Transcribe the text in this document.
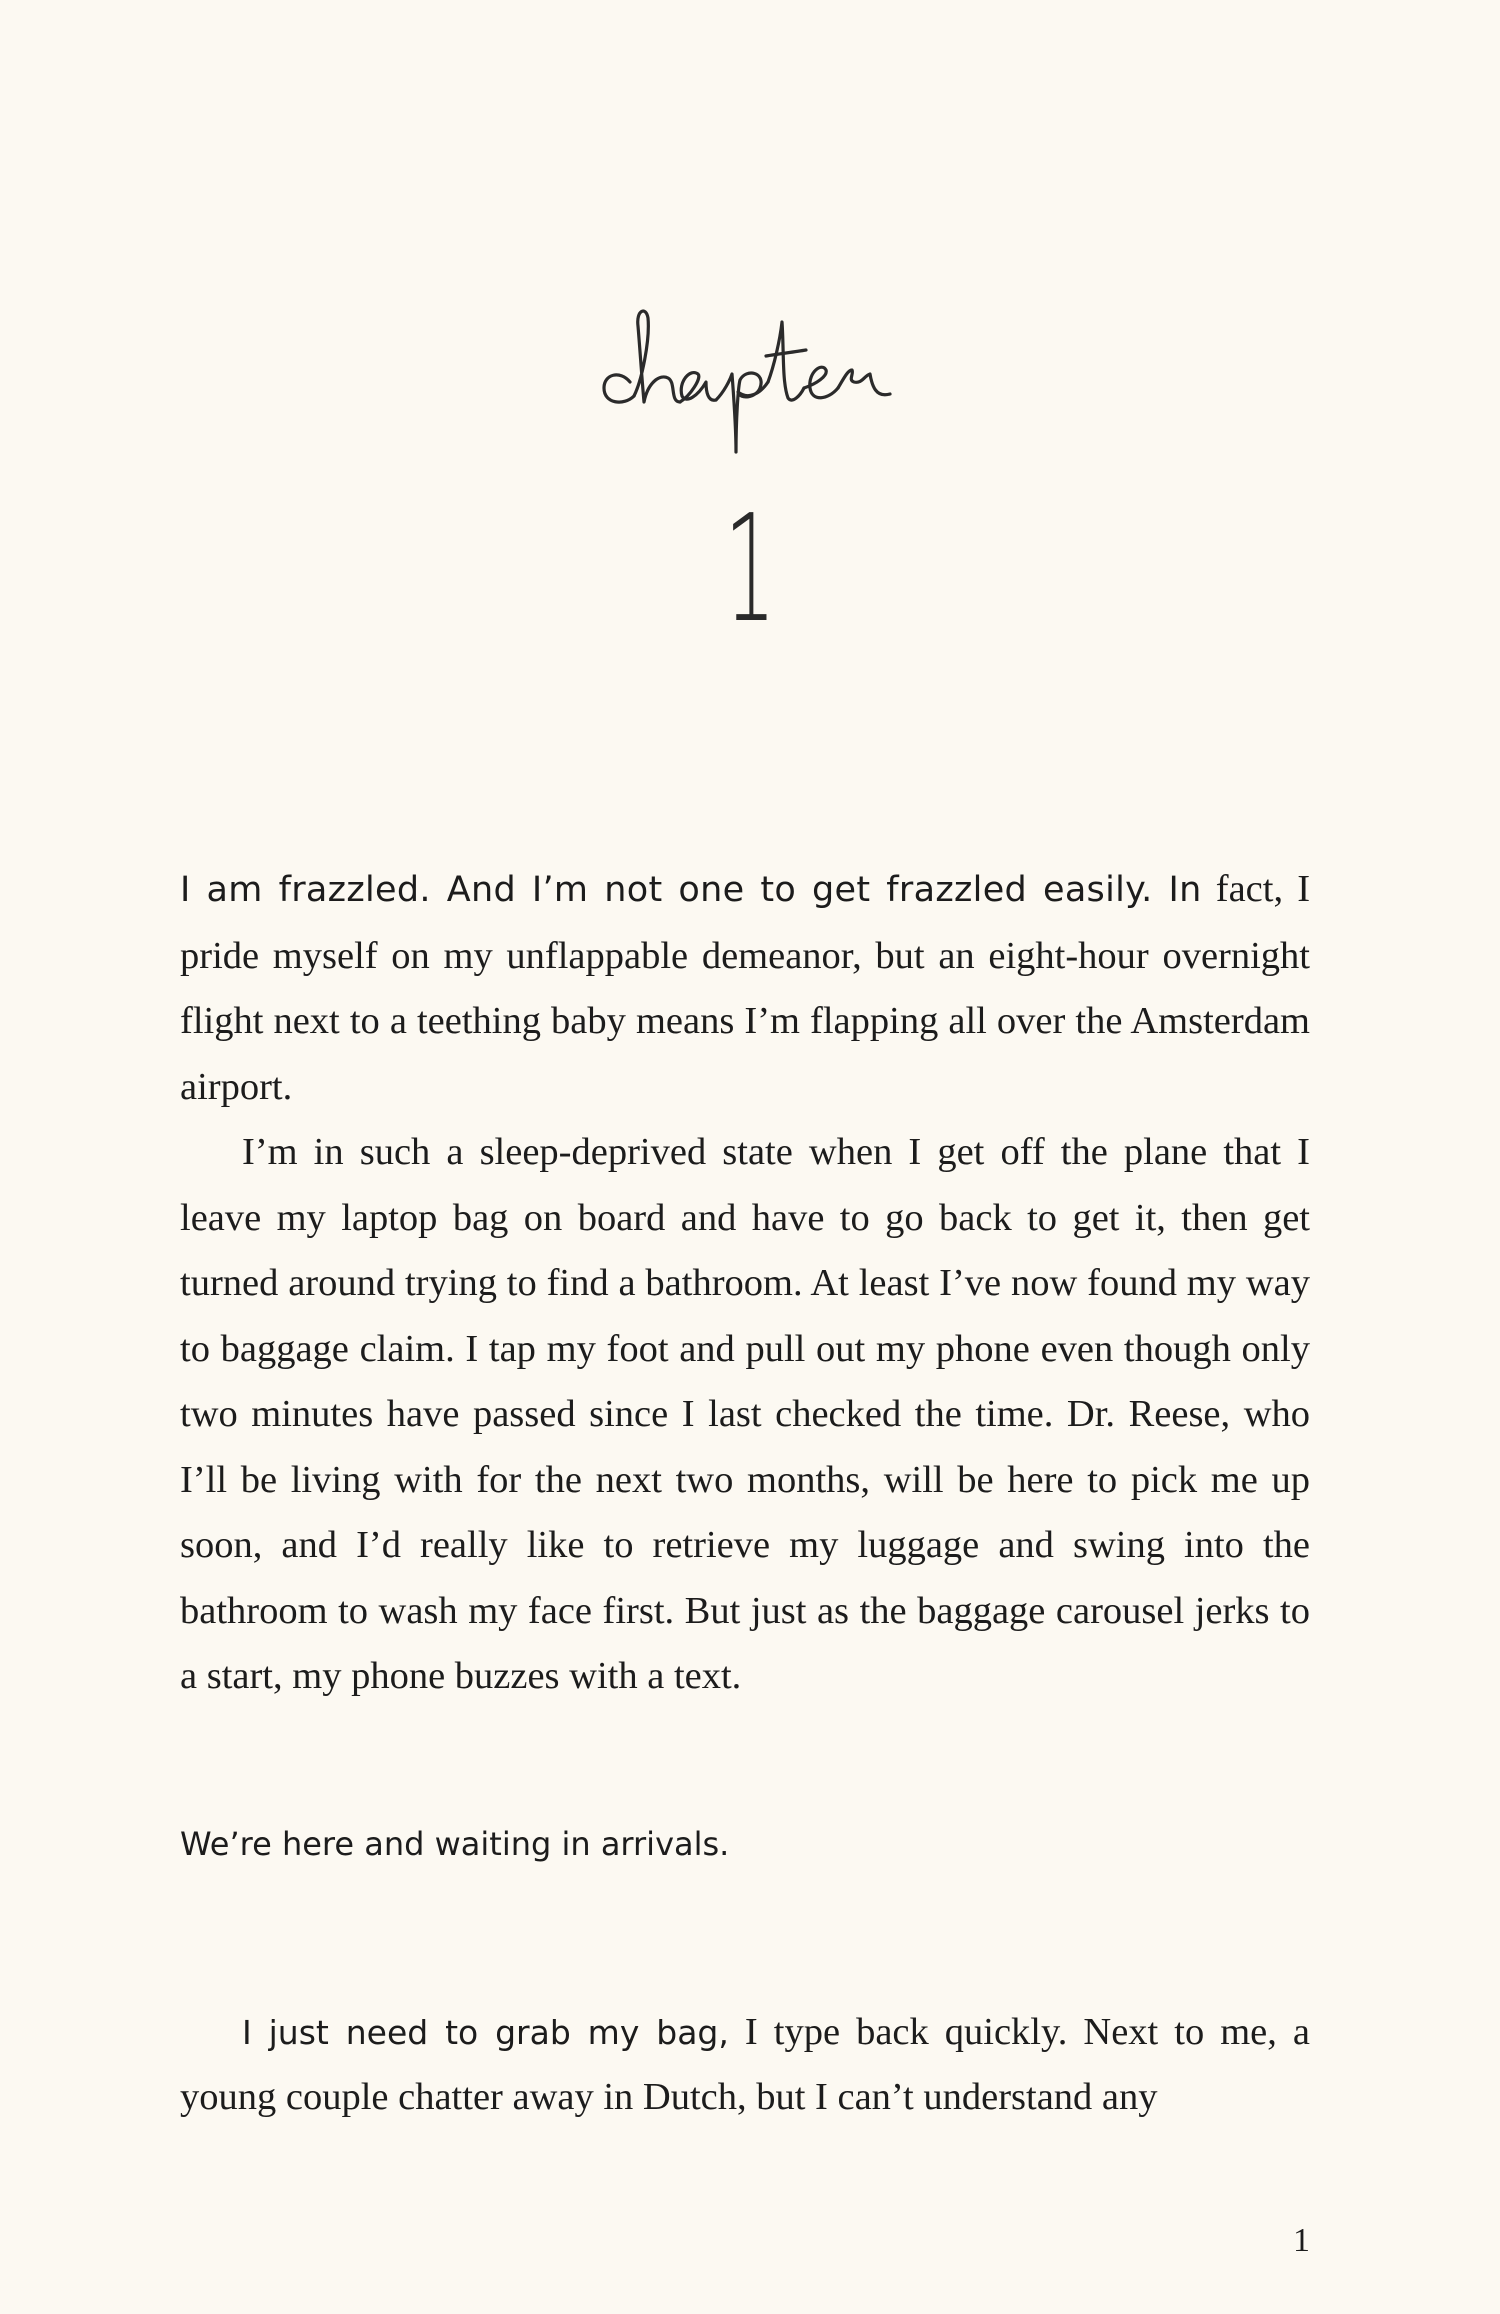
1

I am frazzled. And I’m not one to get frazzled easily. In fact, I pride myself on my unflappable demeanor, but an eight-hour overnight flight next to a teething baby means I’m flapping all over the Amsterdam airport.

I’m in such a sleep-deprived state when I get off the plane that I leave my laptop bag on board and have to go back to get it, then get turned around trying to find a bathroom. At least I’ve now found my way to baggage claim. I tap my foot and pull out my phone even though only two minutes have passed since I last checked the time. Dr. Reese, who I’ll be living with for the next two months, will be here to pick me up soon, and I’d really like to retrieve my luggage and swing into the bathroom to wash my face first. But just as the baggage carousel jerks to a start, my phone buzzes with a text.

We’re here and waiting in arrivals.

I just need to grab my bag, I type back quickly. Next to me, a young couple chatter away in Dutch, but I can’t understand any

1
